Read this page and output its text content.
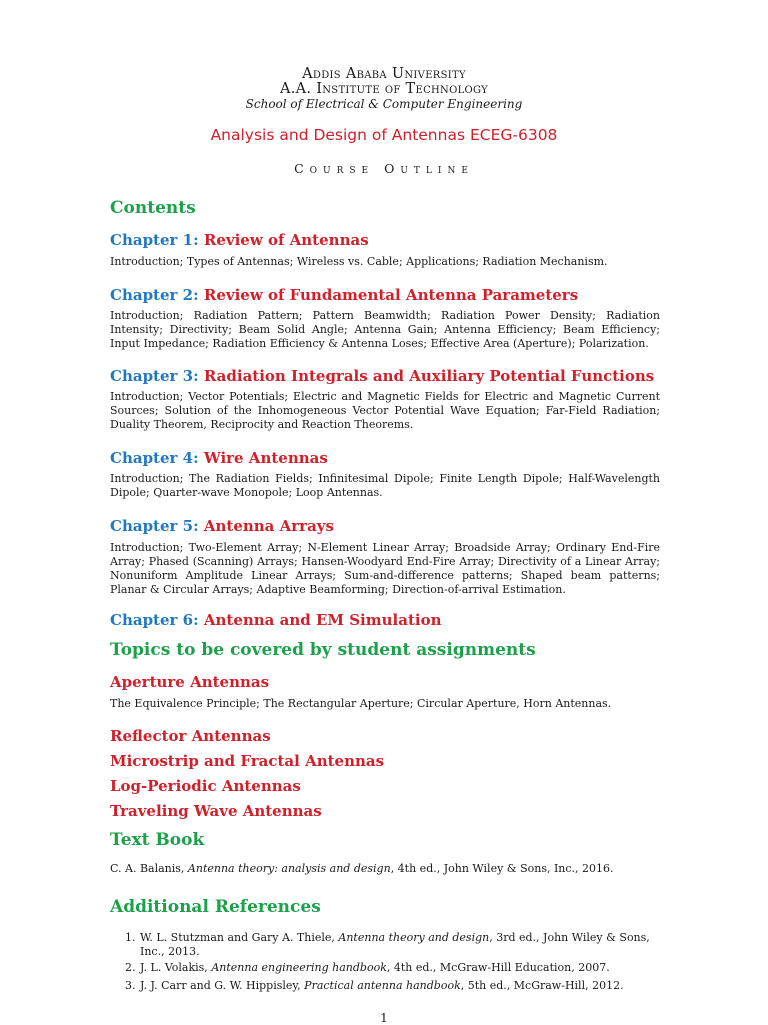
Addis Ababa University
A.A. Institute of Technology
School of Electrical & Computer Engineering
Analysis and Design of Antennas ECEG-6308
Course Outline
Contents
Chapter 1: Review of Antennas

Introduction; Types of Antennas; Wireless vs. Cable; Applications; Radiation Mechanism.

Chapter 2: Review of Fundamental Antenna Parameters

Introduction; Radiation Pattern; Pattern Beamwidth; Radiation Power Density; Radiation Intensity; Directivity; Beam Solid Angle; Antenna Gain; Antenna Efficiency; Beam Efficiency; Input Impedance; Radiation Efficiency & Antenna Loses; Effective Area (Aperture); Polarization.

Chapter 3: Radiation Integrals and Auxiliary Potential Functions

Introduction; Vector Potentials; Electric and Magnetic Fields for Electric and Magnetic Current Sources; Solution of the Inhomogeneous Vector Potential Wave Equation; Far-Field Radiation; Duality Theorem, Reciprocity and Reaction Theorems.

Chapter 4: Wire Antennas

Introduction; The Radiation Fields; Infinitesimal Dipole; Finite Length Dipole; Half-Wavelength Dipole; Quarter-wave Monopole; Loop Antennas.

Chapter 5: Antenna Arrays

Introduction; Two-Element Array; N-Element Linear Array; Broadside Array; Ordinary End-Fire Array; Phased (Scanning) Arrays; Hansen-Woodyard End-Fire Array; Directivity of a Linear Array; Nonuniform Amplitude Linear Arrays; Sum-and-difference patterns; Shaped beam patterns; Planar & Circular Arrays; Adaptive Beamforming; Direction-of-arrival Estimation.

Chapter 6: Antenna and EM Simulation
Topics to be covered by student assignments
Aperture Antennas

The Equivalence Principle; The Rectangular Aperture; Circular Aperture, Horn Antennas.

Reflector Antennas
Microstrip and Fractal Antennas
Log-Periodic Antennas
Traveling Wave Antennas
Text Book

C. A. Balanis, Antenna theory: analysis and design, 4th ed., John Wiley & Sons, Inc., 2016.

Additional References
1. W. L. Stutzman and Gary A. Thiele, Antenna theory and design, 3rd ed., John Wiley & Sons, Inc., 2013.
2. J. L. Volakis, Antenna engineering handbook, 4th ed., McGraw-Hill Education, 2007.
3. J. J. Carr and G. W. Hippisley, Practical antenna handbook, 5th ed., McGraw-Hill, 2012.
1
